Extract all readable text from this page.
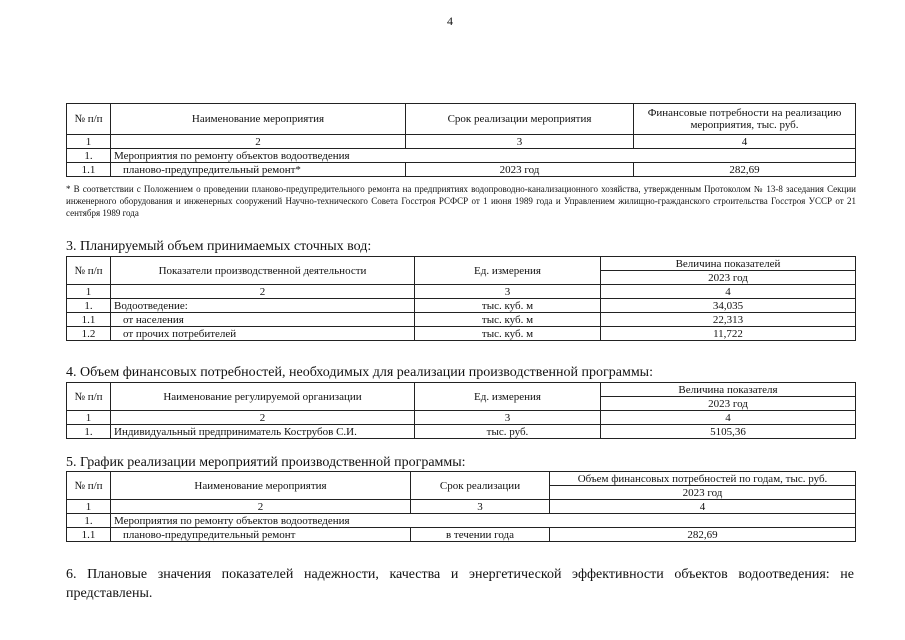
4
№ п/п	Наименование мероприятия	Срок реализации мероприятия	Финансовые потребности на реализацию мероприятия, тыс. руб.
1	2	3	4
1.	Мероприятия по ремонту объектов водоотведения		
1.1	планово-предупредительный ремонт*	2023 год	282,69
* В соответствии с Положением о проведении планово-предупредительного ремонта на предприятиях водопроводно-канализационного хозяйства, утвержденным Протоколом № 13-8 заседания Секции инженерного оборудования и инженерных сооружений Научно-технического Совета Госстроя РСФСР от 1 июня 1989 года и Управлением жилищно-гражданского строительства Госстроя УССР от 21 сентября 1989 года
3. Планируемый объем принимаемых сточных вод:
№ п/п	Показатели производственной деятельности	Ед. измерения	Величина показателей
			2023 год
1	2	3	4
1.	Водоотведение:	тыс. куб. м	34,035
1.1	от населения	тыс. куб. м	22,313
1.2	от прочих потребителей	тыс. куб. м	11,722
4. Объем финансовых потребностей, необходимых для реализации производственной программы:
№ п/п	Наименование регулируемой организации	Ед. измерения	Величина показателя
			2023 год
1	2	3	4
1.	Индивидуальный предприниматель Кострубов С.И.	тыс. руб.	5105,36
5. График реализации мероприятий производственной программы:
№ п/п	Наименование мероприятия	Срок реализации	Объем финансовых потребностей по годам, тыс. руб.
			2023 год
1	2	3	4
1.	Мероприятия по ремонту объектов водоотведения		
1.1	планово-предупредительный ремонт	в течении года	282,69
6. Плановые значения показателей надежности, качества и энергетической эффективности объектов водоотведения: не представлены.
